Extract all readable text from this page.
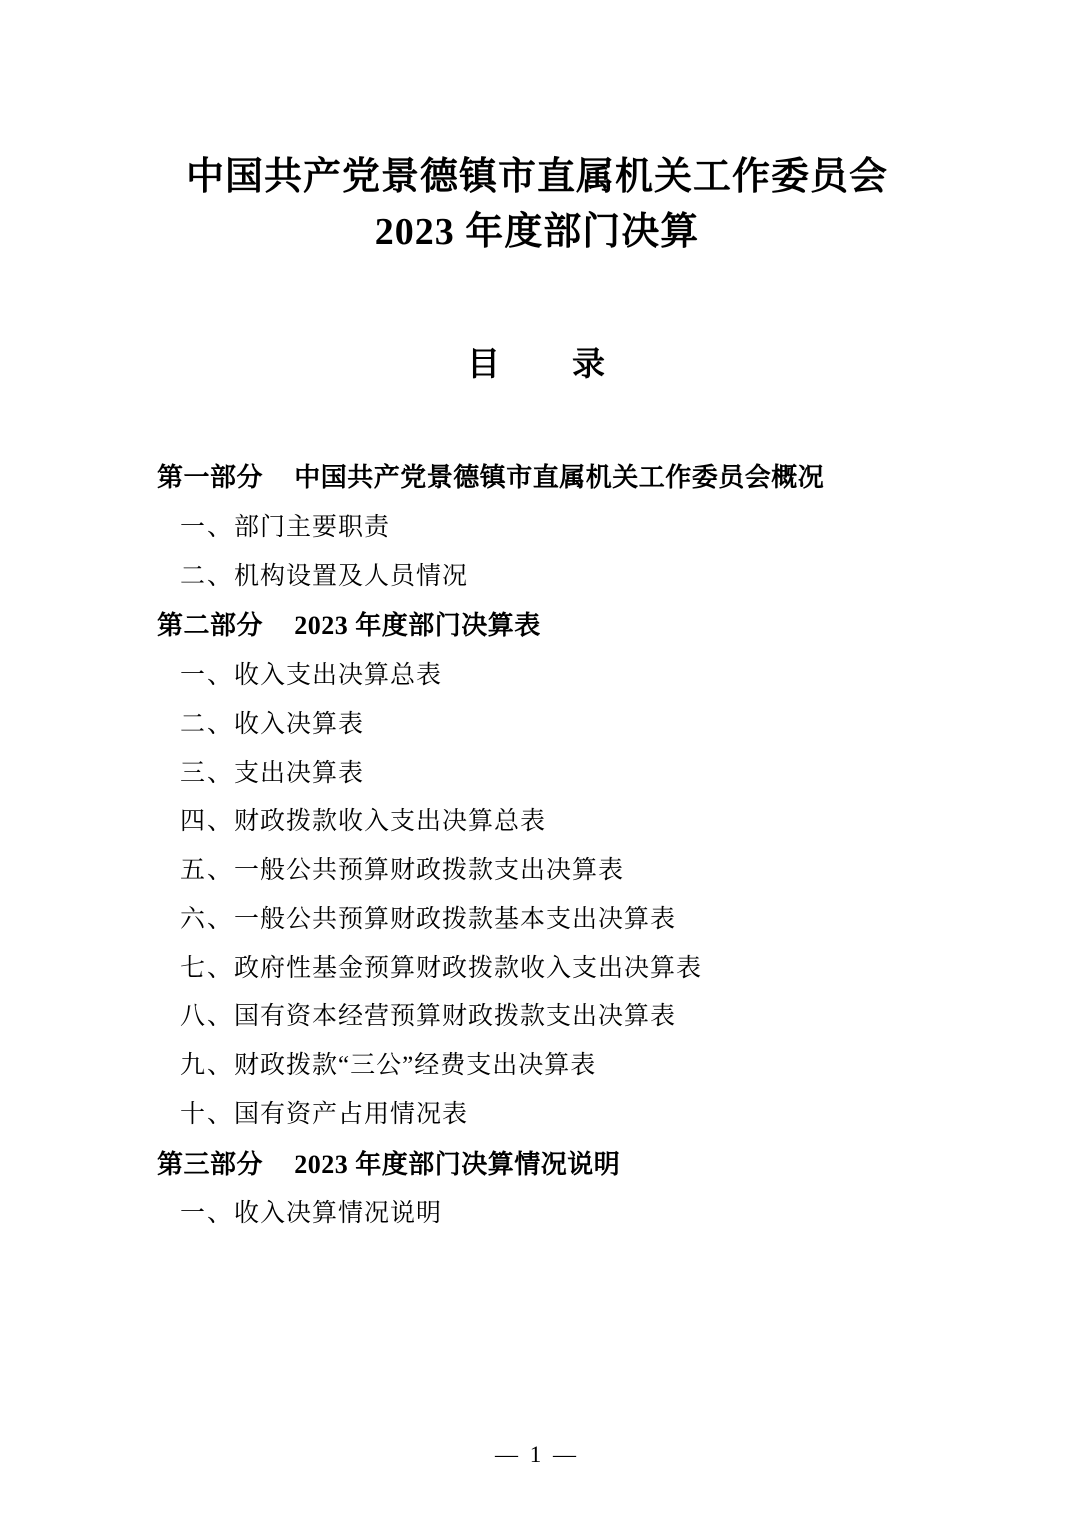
中国共产党景德镇市直属机关工作委员会
2023 年度部门决算
目　　录
第一部分 中国共产党景德镇市直属机关工作委员会概况
一、部门主要职责
二、机构设置及人员情况
第二部分 2023 年度部门决算表
一、收入支出决算总表
二、收入决算表
三、支出决算表
四、财政拨款收入支出决算总表
五、一般公共预算财政拨款支出决算表
六、一般公共预算财政拨款基本支出决算表
七、政府性基金预算财政拨款收入支出决算表
八、国有资本经营预算财政拨款支出决算表
九、财政拨款“三公”经费支出决算表
十、国有资产占用情况表
第三部分 2023 年度部门决算情况说明
一、收入决算情况说明
— 1 —
